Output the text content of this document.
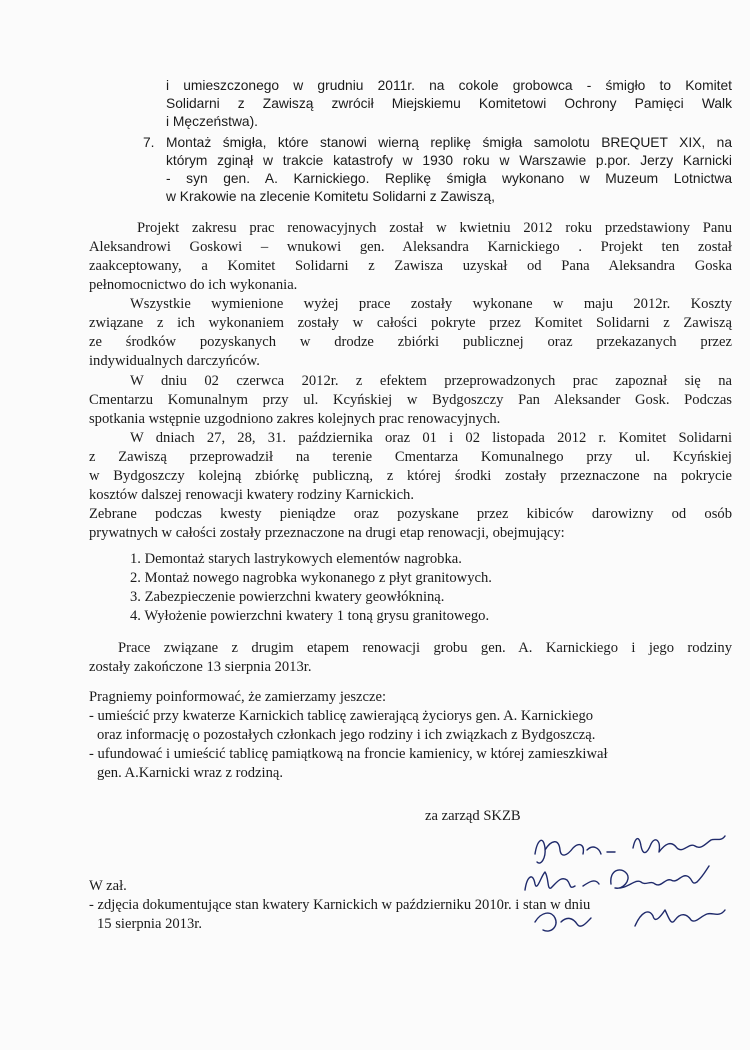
i umieszczonego w grudniu 2011r. na cokole grobowca - śmigło to Komitet
Solidarni z Zawiszą zwrócił Miejskiemu Komitetowi Ochrony Pamięci Walk
i Męczeństwa).
7. Montaż śmigła, które stanowi wierną replikę śmigła samolotu BREQUET XIX, na
którym zginął w trakcie katastrofy w 1930 roku w Warszawie p.por. Jerzy Karnicki
- syn gen. A. Karnickiego. Replikę śmigła wykonano w Muzeum Lotnictwa
w Krakowie na zlecenie Komitetu Solidarni z Zawiszą,
Projekt zakresu prac renowacyjnych został w kwietniu 2012 roku przedstawiony Panu
Aleksandrowi Goskowi – wnukowi gen. Aleksandra Karnickiego . Projekt ten został
zaakceptowany, a Komitet Solidarni z Zawisza uzyskał od Pana Aleksandra Goska
pełnomocnictwo do ich wykonania.
Wszystkie wymienione wyżej prace zostały wykonane w maju 2012r. Koszty
związane z ich wykonaniem zostały w całości pokryte przez Komitet Solidarni z Zawiszą
ze środków pozyskanych w drodze zbiórki publicznej oraz przekazanych przez
indywidualnych darczyńców.
W dniu 02 czerwca 2012r. z efektem przeprowadzonych prac zapoznał się na
Cmentarzu Komunalnym przy ul. Kcyńskiej w Bydgoszczy Pan Aleksander Gosk. Podczas
spotkania wstępnie uzgodniono zakres kolejnych prac renowacyjnych.
W dniach 27, 28, 31. października oraz 01 i 02 listopada 2012 r. Komitet Solidarni
z Zawiszą przeprowadził na terenie Cmentarza Komunalnego przy ul. Kcyńskiej
w Bydgoszczy kolejną zbiórkę publiczną, z której środki zostały przeznaczone na pokrycie
kosztów dalszej renowacji kwatery rodziny Karnickich.
Zebrane podczas kwesty pieniądze oraz pozyskane przez kibiców darowizny od osób
prywatnych w całości zostały przeznaczone na drugi etap renowacji, obejmujący:
1. Demontaż starych lastrykowych elementów nagrobka.
2. Montaż nowego nagrobka wykonanego z płyt granitowych.
3. Zabezpieczenie powierzchni kwatery geowłókniną.
4. Wyłożenie powierzchni kwatery 1 toną grysu granitowego.
Prace związane z drugim etapem renowacji grobu gen. A. Karnickiego i jego rodziny
zostały zakończone 13 sierpnia 2013r.
Pragniemy poinformować, że zamierzamy jeszcze:
- umieścić przy kwaterze Karnickich tablicę zawierającą życiorys gen. A. Karnickiego
oraz informację o pozostałych członkach jego rodziny i ich związkach z Bydgoszczą.
- ufundować i umieścić tablicę pamiątkową na froncie kamienicy, w której zamieszkiwał
gen. A.Karnicki wraz z rodziną.
za zarząd SKZB
W zał.
- zdjęcia dokumentujące stan kwatery Karnickich w październiku 2010r. i stan w dniu
15 sierpnia 2013r.
